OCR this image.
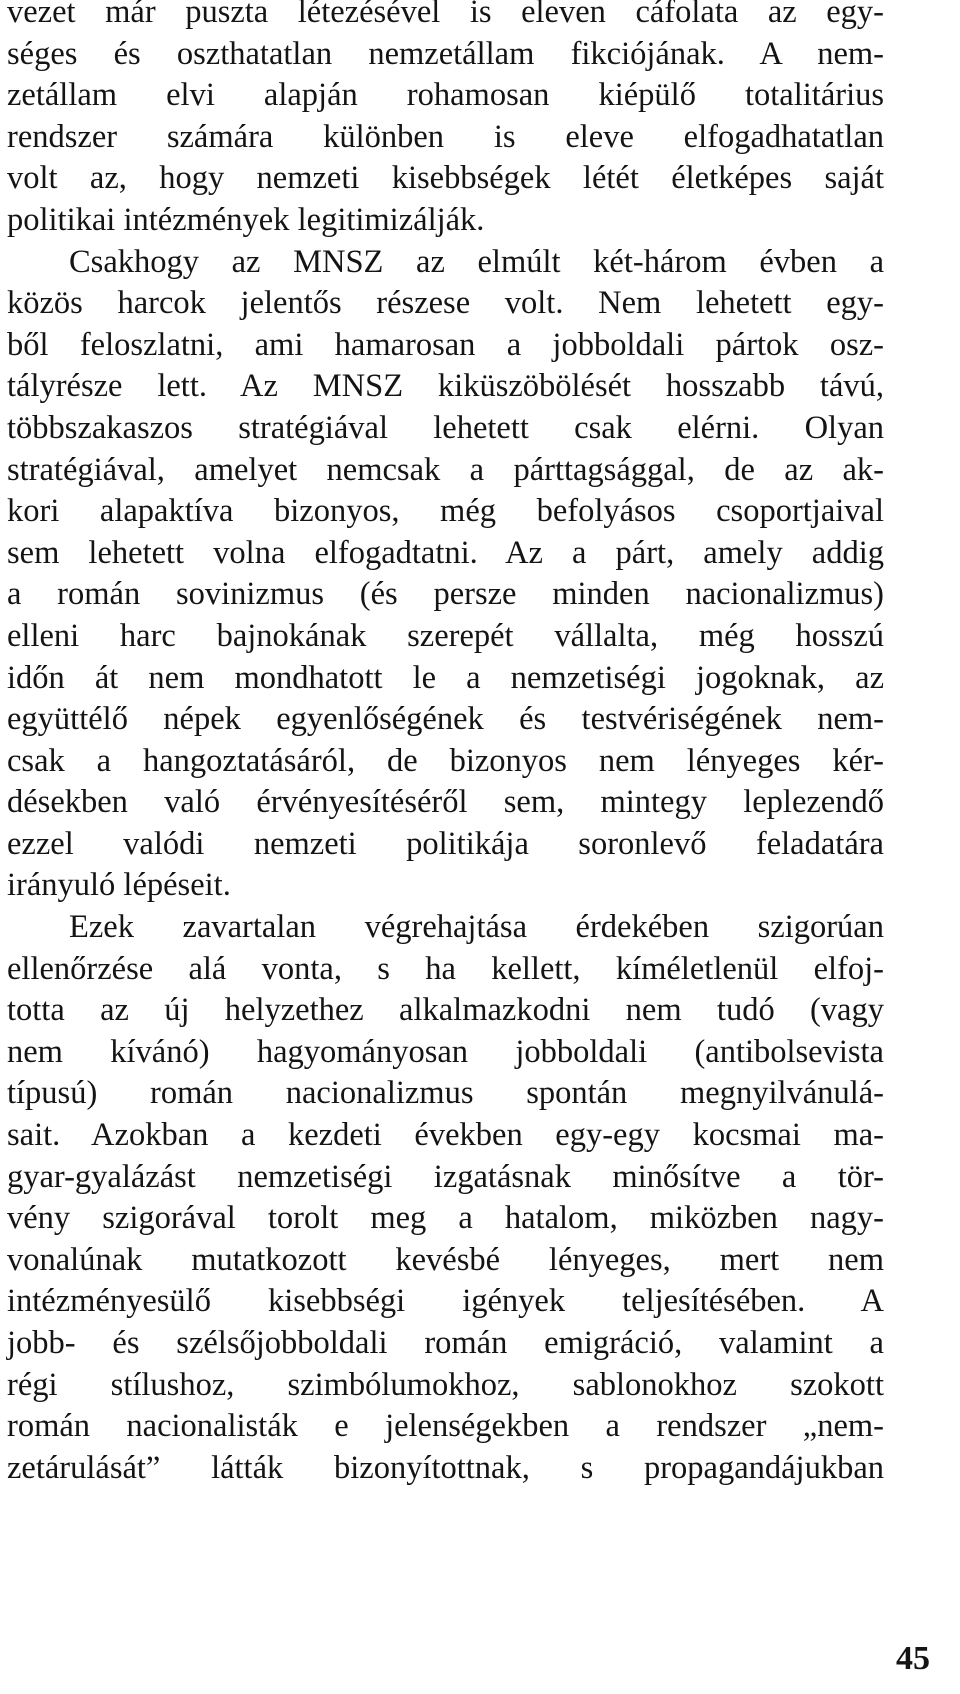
vezet már puszta létezésével is eleven cáfolata az egy-
séges és oszthatatlan nemzetállam fikciójának. A nem-
zetállam elvi alapján rohamosan kiépülő totalitárius
rendszer számára különben is eleve elfogadhatatlan
volt az, hogy nemzeti kisebbségek létét életképes saját
politikai intézmények legitimizálják.
Csakhogy az MNSZ az elmúlt két-három évben a
közös harcok jelentős részese volt. Nem lehetett egy-
ből feloszlatni, ami hamarosan a jobboldali pártok osz-
tályrésze lett. Az MNSZ kiküszöbölését hosszabb távú,
többszakaszos stratégiával lehetett csak elérni. Olyan
stratégiával, amelyet nemcsak a párttagsággal, de az ak-
kori alapaktíva bizonyos, még befolyásos csoportjaival
sem lehetett volna elfogadtatni. Az a párt, amely addig
a román sovinizmus (és persze minden nacionalizmus)
elleni harc bajnokának szerepét vállalta, még hosszú
időn át nem mondhatott le a nemzetiségi jogoknak, az
együttélő népek egyenlőségének és testvériségének nem-
csak a hangoztatásáról, de bizonyos nem lényeges kér-
désekben való érvényesítéséről sem, mintegy leplezendő
ezzel valódi nemzeti politikája soronlevő feladatára
irányuló lépéseit.
Ezek zavartalan végrehajtása érdekében szigorúan
ellenőrzése alá vonta, s ha kellett, kíméletlenül elfoj-
totta az új helyzethez alkalmazkodni nem tudó (vagy
nem kívánó) hagyományosan jobboldali (antibolsevista
típusú) román nacionalizmus spontán megnyilvánulá-
sait. Azokban a kezdeti években egy-egy kocsmai ma-
gyar-gyalázást nemzetiségi izgatásnak minősítve a tör-
vény szigorával torolt meg a hatalom, miközben nagy-
vonalúnak mutatkozott kevésbé lényeges, mert nem
intézményesülő kisebbségi igények teljesítésében. A
jobb- és szélsőjobboldali román emigráció, valamint a
régi stílushoz, szimbólumokhoz, sablonokhoz szokott
román nacionalisták e jelenségekben a rendszer „nem-
zetárulását” látták bizonyítottnak, s propagandájukban
45
